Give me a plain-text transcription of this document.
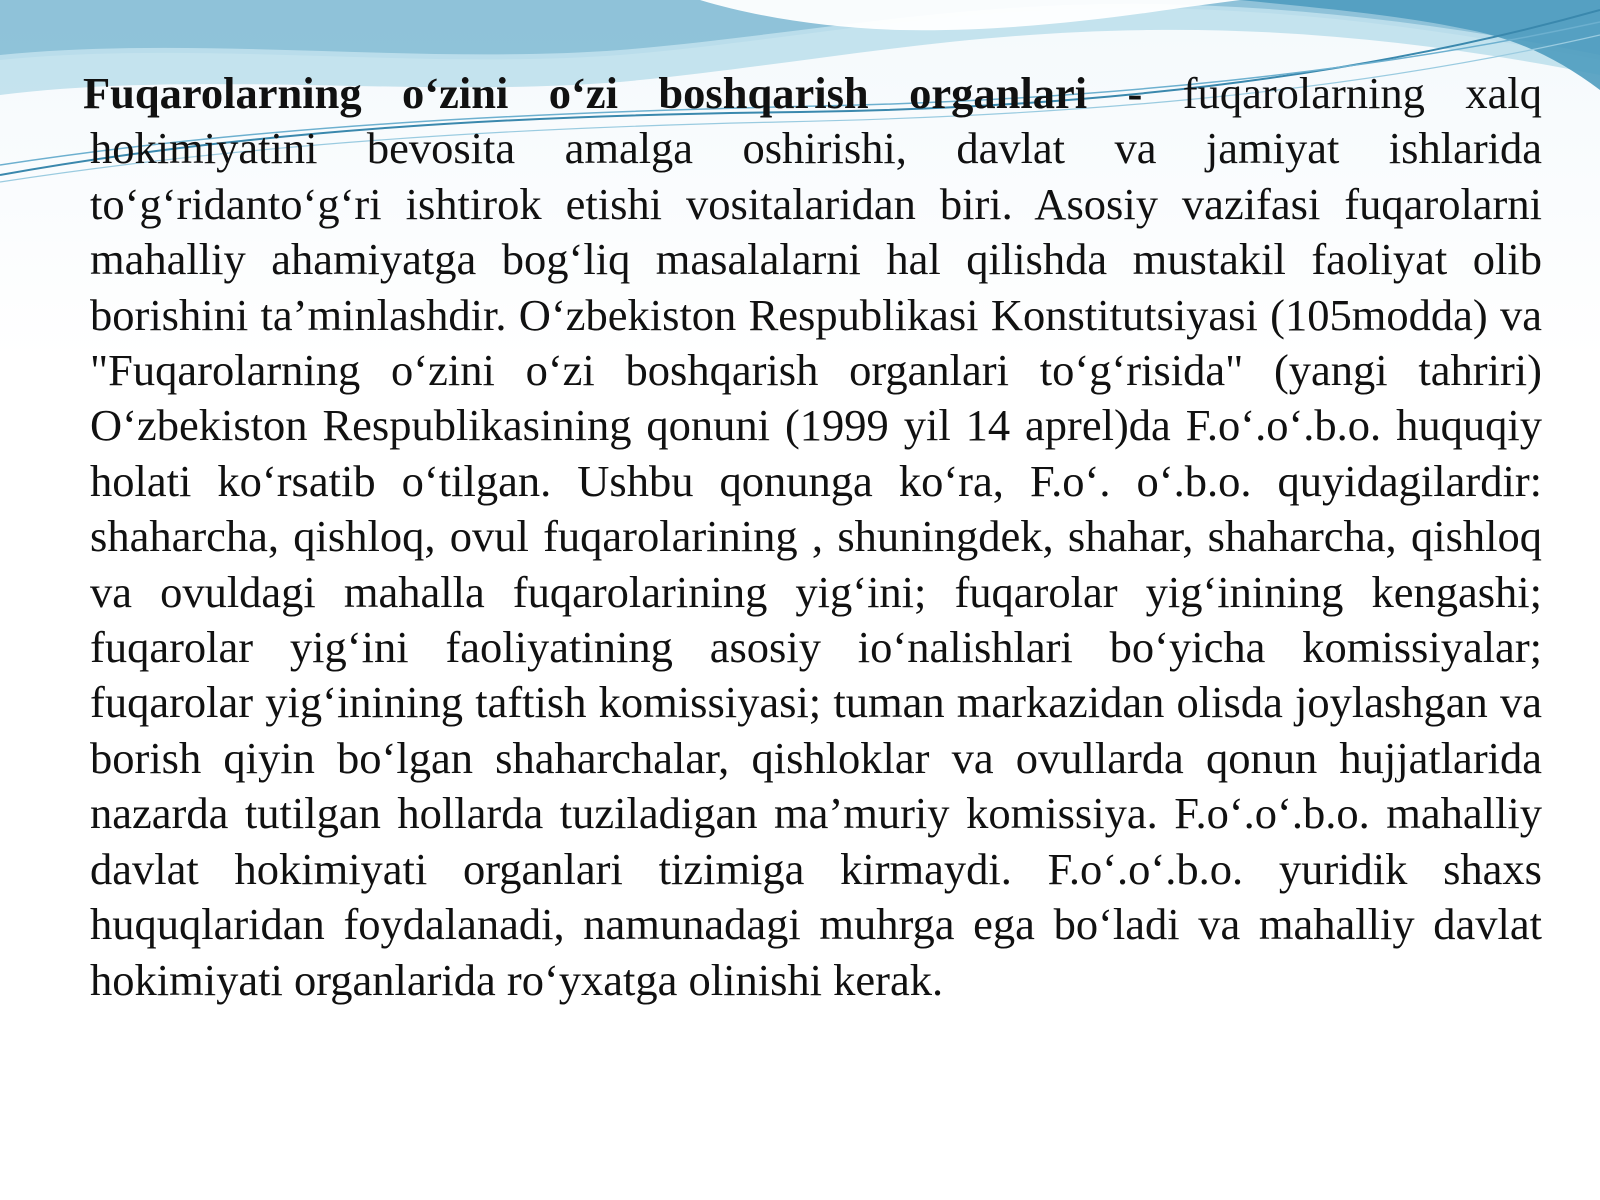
Fuqarolarning o‘zini o‘zi boshqarish organlari - fuqarolarning xalq hokimiyatini bevosita amalga oshirishi, davlat va jamiyat ishlarida to‘g‘ridanto‘g‘ri ishtirok etishi vositalaridan biri. Asosiy vazifasi fuqarolarni mahalliy ahamiyatga bog‘liq masalalarni hal qilishda mustakil faoliyat olib borishini ta’minlashdir. O‘zbekiston Respublikasi Konstitutsiyasi (105modda) va "Fuqarolarning o‘zini o‘zi boshqarish organlari to‘g‘risida" (yangi tahriri) O‘zbekiston Respublikasining qonuni (1999 yil 14 aprel)da F.o‘.o‘.b.o. huquqiy holati ko‘rsatib o‘tilgan. Ushbu qonunga ko‘ra, F.o‘. o‘.b.o. quyidagilardir: shaharcha, qishloq, ovul fuqarolarining , shuningdek, shahar, shaharcha, qishloq va ovuldagi mahalla fuqarolarining yig‘ini; fuqarolar yig‘inining kengashi; fuqarolar yig‘ini faoliyatining asosiy io‘nalishlari bo‘yicha komissiyalar; fuqarolar yig‘inining taftish komissiyasi; tuman markazidan olisda joylashgan va borish qiyin bo‘lgan shaharchalar, qishloklar va ovullarda qonun hujjatlarida nazarda tutilgan hollarda tuziladigan ma’muriy komissiya. F.o‘.o‘.b.o. mahalliy davlat hokimiyati organlari tizimiga kirmaydi. F.o‘.o‘.b.o. yuridik shaxs huquqlaridan foydalanadi, namunadagi muhrga ega bo‘ladi va mahalliy davlat hokimiyati organlarida ro‘yxatga olinishi kerak.
